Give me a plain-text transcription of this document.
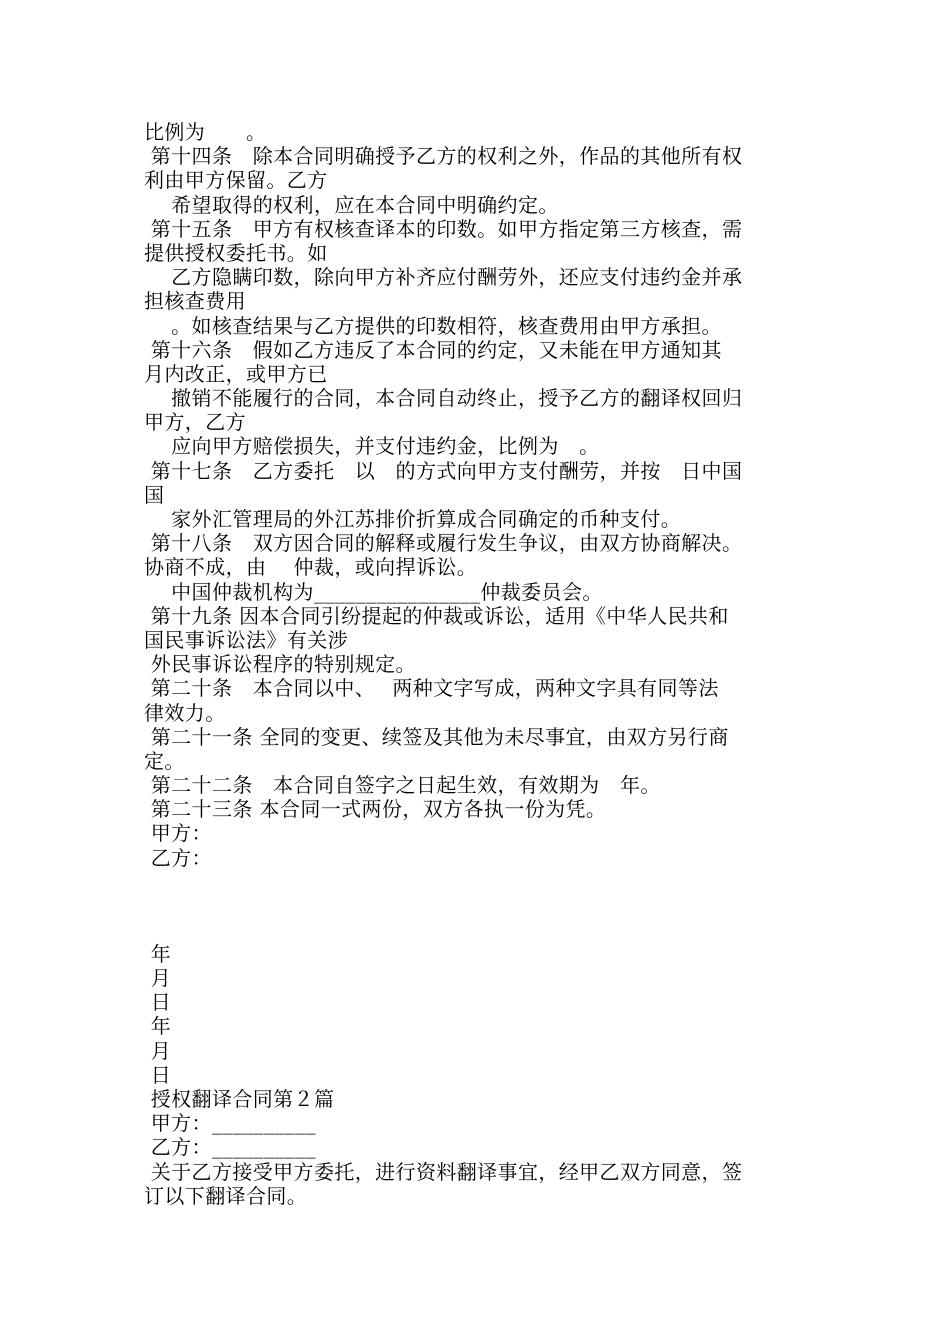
比例为　　。
第十四条　除本合同明确授予乙方的权利之外，作品的其他所有权
利由甲方保留。乙方
　 希望取得的权利，应在本合同中明确约定。
第十五条　甲方有权核查译本的印数。如甲方指定第三方核查，需
提供授权委托书。如
　 乙方隐瞒印数，除向甲方补齐应付酬劳外，还应支付违约金并承
担核查费用
　 。如核查结果与乙方提供的印数相符，核查费用由甲方承担。
第十六条　假如乙方违反了本合同的约定，又未能在甲方通知其
月内改正，或甲方已
　 撤销不能履行的合同，本合同自动终止，授予乙方的翻译权回归
甲方，乙方
　 应向甲方赔偿损失，并支付违约金，比例为　。
第十七条　乙方委托　以　的方式向甲方支付酬劳，并按　日中国
国
　 家外汇管理局的外江苏排价折算成合同确定的币种支付。
第十八条　双方因合同的解释或履行发生争议，由双方协商解决。
协商不成，由　 仲裁，或向捍诉讼。
　 中国仲裁机构为________________仲裁委员会。
第十九条 因本合同引纷提起的仲裁或诉讼，适用《中华人民共和
国民事诉讼法》有关涉
外民事诉讼程序的特别规定。
第二十条　本合同以中、　 两种文字写成，两种文字具有同等法
律效力。
第二十一条 全同的变更、续签及其他为未尽事宜，由双方另行商
定。
第二十二条　本合同自签字之日起生效，有效期为　年。
第二十三条 本合同一式两份，双方各执一份为凭。
甲方：
乙方：
年
月
日
年
月
日
授权翻译合同第２篇
甲方：__________
乙方：__________
关于乙方接受甲方委托，进行资料翻译事宜，经甲乙双方同意，签
订以下翻译合同。
